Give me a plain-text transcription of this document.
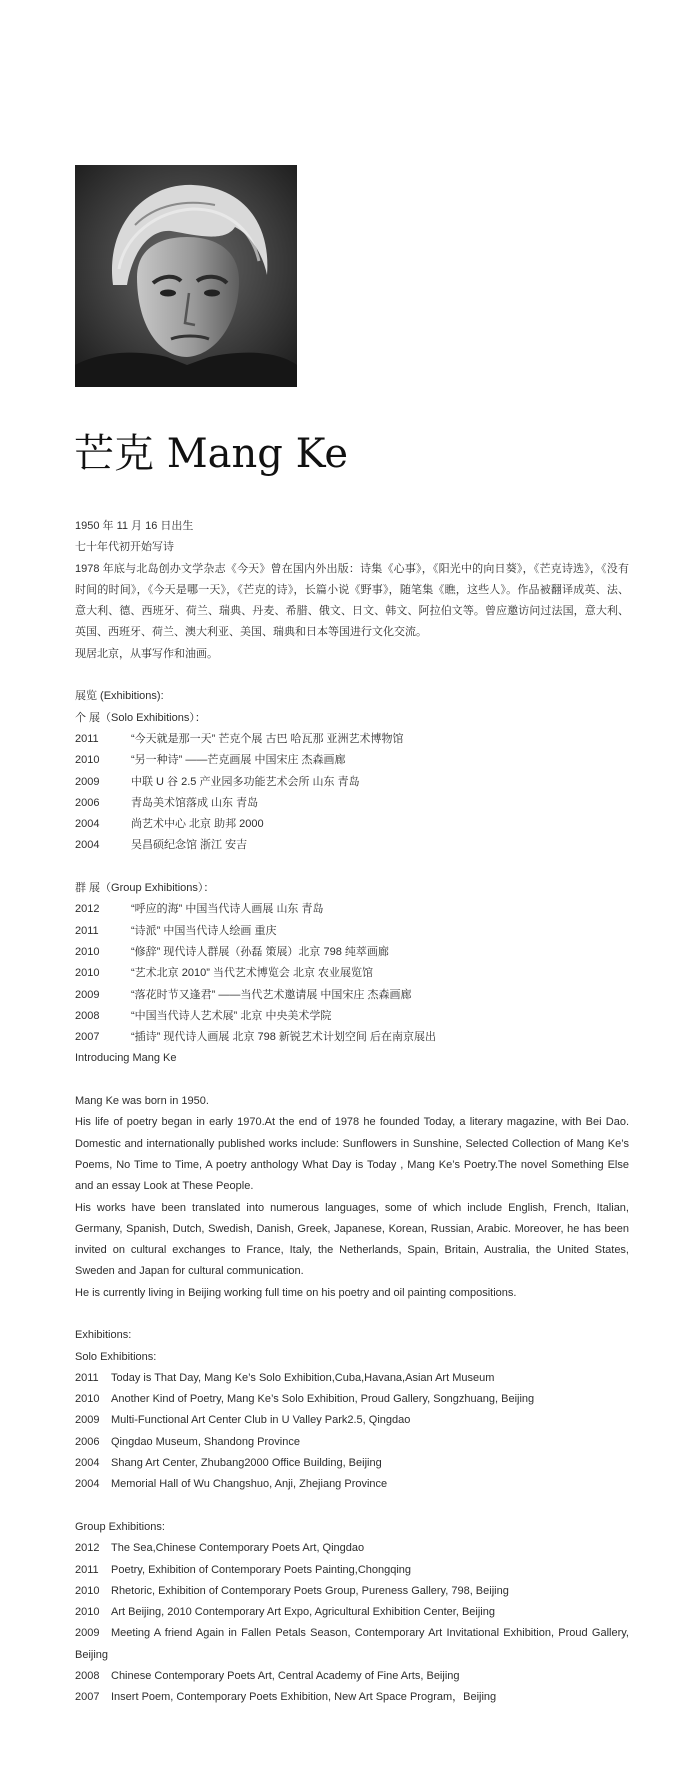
芒克 Mang Ke
1950 年 11 月 16 日出生
七十年代初开始写诗
1978 年底与北岛创办文学杂志《今天》曾在国内外出版：诗集《心事》，《阳光中的向日葵》，《芒克诗选》，《没有时间的时间》，《今天是哪一天》，《芒克的诗》，长篇小说《野事》，随笔集《瞧，这些人》。作品被翻译成英、法、意大利、德、西班牙、荷兰、瑞典、丹麦、希腊、俄文、日文、韩文、阿拉伯文等。曾应邀访问过法国，意大利、英国、西班牙、荷兰、澳大利亚、美国、瑞典和日本等国进行文化交流。
现居北京，从事写作和油画。
展览 (Exhibitions):
个 展（Solo Exhibitions）：
2011	“今天就是那一天” 芒克个展 古巴 哈瓦那 亚洲艺术博物馆
2010	“另一种诗” ——芒克画展 中国宋庄 杰森画廊
2009	中联 U 谷 2.5 产业园多功能艺术会所 山东 青岛
2006	青岛美术馆落成 山东 青岛
2004	尚艺术中心 北京 助邦 2000
2004	吴昌硕纪念馆 浙江 安吉
群 展（Group Exhibitions）：
2012	“呼应的海” 中国当代诗人画展 山东 青岛
2011	“诗派” 中国当代诗人绘画 重庆
2010	“修辞” 现代诗人群展（孙磊 策展）北京 798 纯萃画廊
2010	“艺术北京 2010” 当代艺术博览会 北京 农业展览馆
2009	“落花时节又逢君” ——当代艺术邀请展 中国宋庄 杰森画廊
2008	“中国当代诗人艺术展” 北京 中央美术学院
2007	“插诗” 现代诗人画展 北京 798 新锐艺术计划空间 后在南京展出
Introducing Mang Ke
Mang Ke was born in 1950.
His life of poetry began in early 1970.At the end of 1978 he founded Today, a literary magazine, with Bei Dao. Domestic and internationally published works include: Sunflowers in Sunshine, Selected Collection of Mang Ke’s Poems, No Time to Time, A poetry anthology What Day is Today , Mang Ke’s Poetry.The novel Something Else and an essay Look at These People.
His works have been translated into numerous languages, some of which include English, French, Italian, Germany, Spanish, Dutch, Swedish, Danish, Greek, Japanese, Korean, Russian, Arabic. Moreover, he has been invited on cultural exchanges to France, Italy, the Netherlands, Spain, Britain, Australia, the United States, Sweden and Japan for cultural communication.
He is currently living in Beijing working full time on his poetry and oil painting compositions.
Exhibitions:
Solo Exhibitions:
2011	Today is That Day, Mang Ke’s Solo Exhibition,Cuba,Havana,Asian Art Museum
2010	Another Kind of Poetry, Mang Ke’s Solo Exhibition, Proud Gallery, Songzhuang, Beijing
2009	Multi-Functional Art Center Club in U Valley Park2.5, Qingdao
2006	Qingdao Museum, Shandong Province
2004	Shang Art Center, Zhubang2000 Office Building, Beijing
2004	Memorial Hall of Wu Changshuo, Anji, Zhejiang Province
Group Exhibitions:
2012	The Sea,Chinese Contemporary Poets Art, Qingdao
2011	Poetry, Exhibition of Contemporary Poets Painting,Chongqing
2010	Rhetoric, Exhibition of Contemporary Poets Group, Pureness Gallery, 798, Beijing
2010	Art Beijing, 2010 Contemporary Art Expo, Agricultural Exhibition Center, Beijing
2009 Meeting A friend Again in Fallen Petals Season, Contemporary Art Invitational Exhibition, Proud Gallery, Beijing
2008	Chinese Contemporary Poets Art, Central Academy of Fine Arts, Beijing
2007	Insert Poem, Contemporary Poets Exhibition, New Art Space Program，Beijing
